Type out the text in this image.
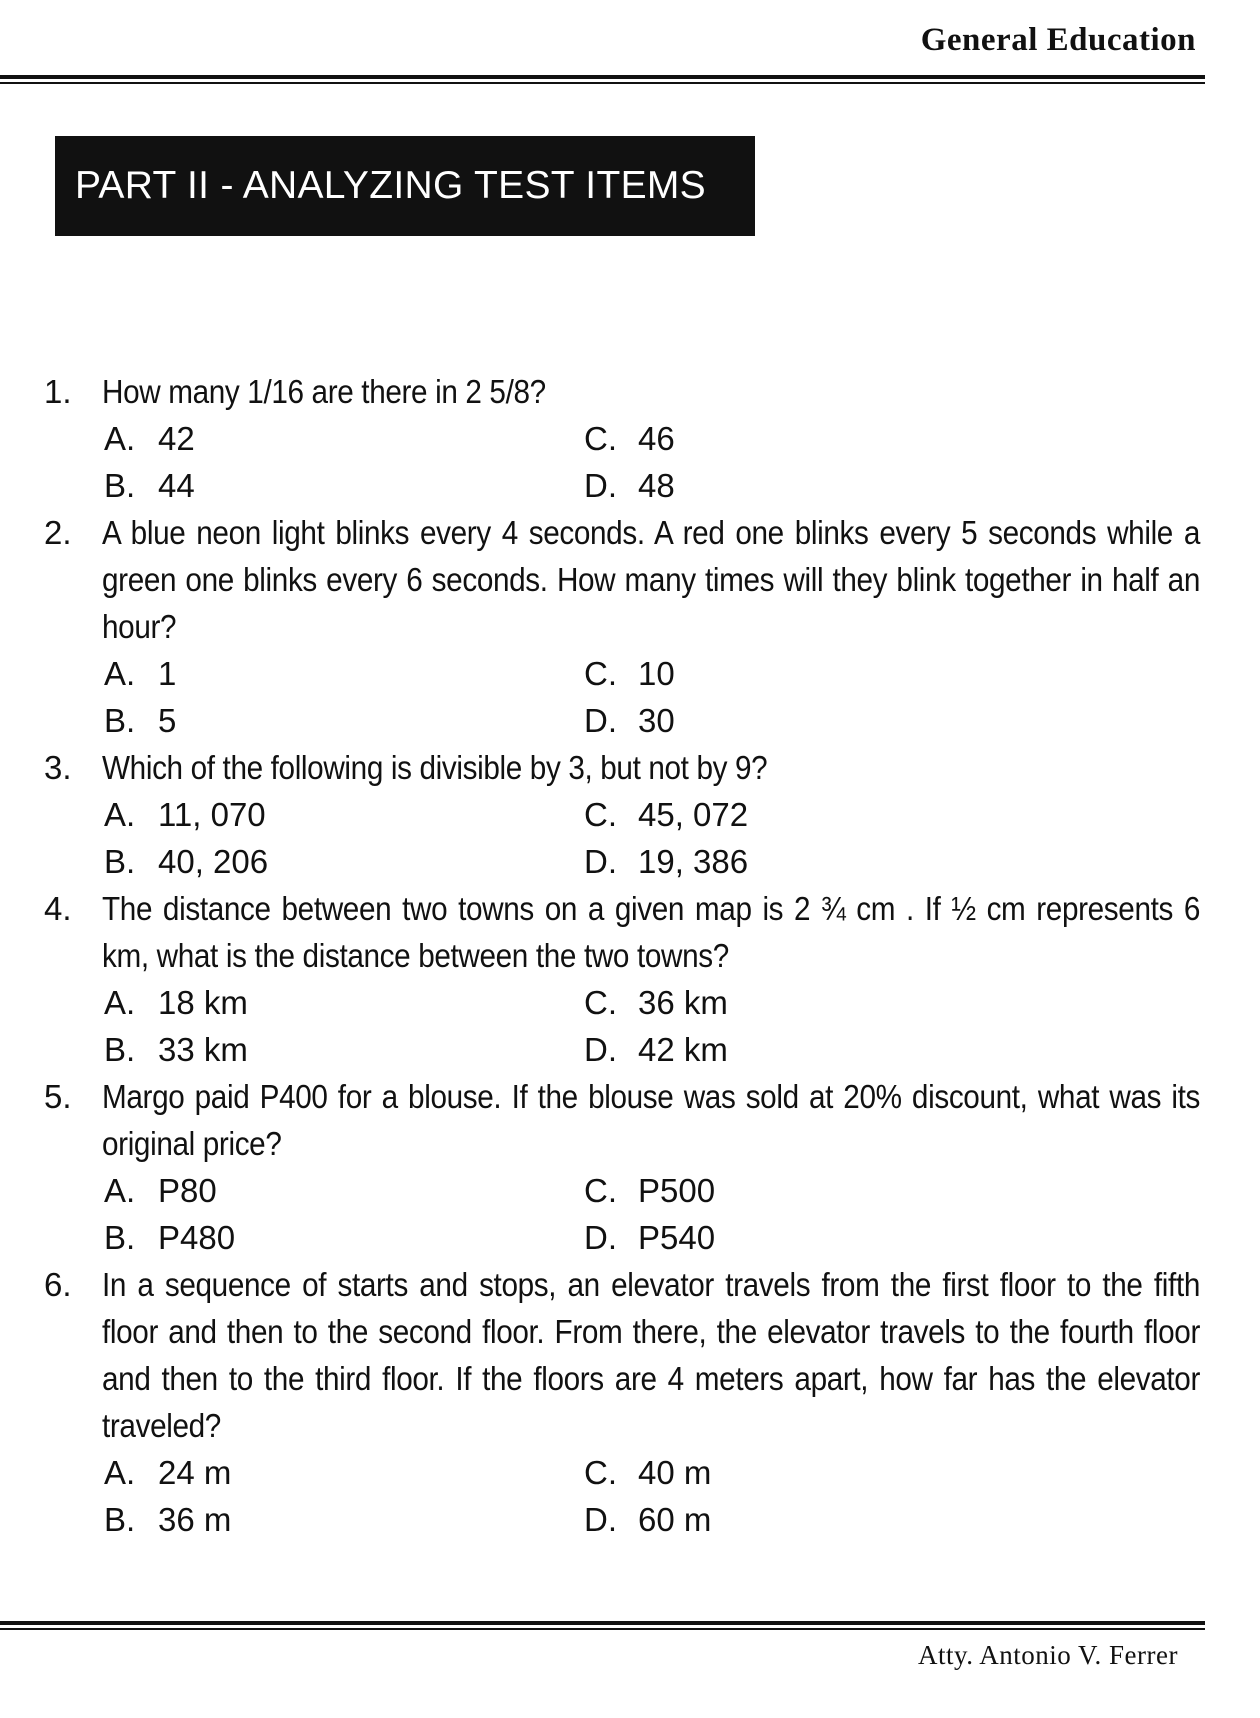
General Education
PART II - ANALYZING TEST ITEMS
1. How many 1/16 are there in 2 5/8?
A. 42	C. 46
B. 44	D. 48
2. A blue neon light blinks every 4 seconds. A red one blinks every 5 seconds while a green one blinks every 6 seconds. How many times will they blink together in half an hour?
A. 1	C. 10
B. 5	D. 30
3. Which of the following is divisible by 3, but not by 9?
A. 11, 070	C. 45, 072
B. 40, 206	D. 19, 386
4. The distance between two towns on a given map is 2 ¾ cm . If ½ cm represents 6 km, what is the distance between the two towns?
A. 18 km	C. 36 km
B. 33 km	D. 42 km
5. Margo paid P400 for a blouse. If the blouse was sold at 20% discount, what was its original price?
A. P80	C. P500
B. P480	D. P540
6. In a sequence of starts and stops, an elevator travels from the first floor to the fifth floor and then to the second floor. From there, the elevator travels to the fourth floor and then to the third floor. If the floors are 4 meters apart, how far has the elevator traveled?
A. 24 m	C. 40 m
B. 36 m	D. 60 m
Atty. Antonio V. Ferrer
